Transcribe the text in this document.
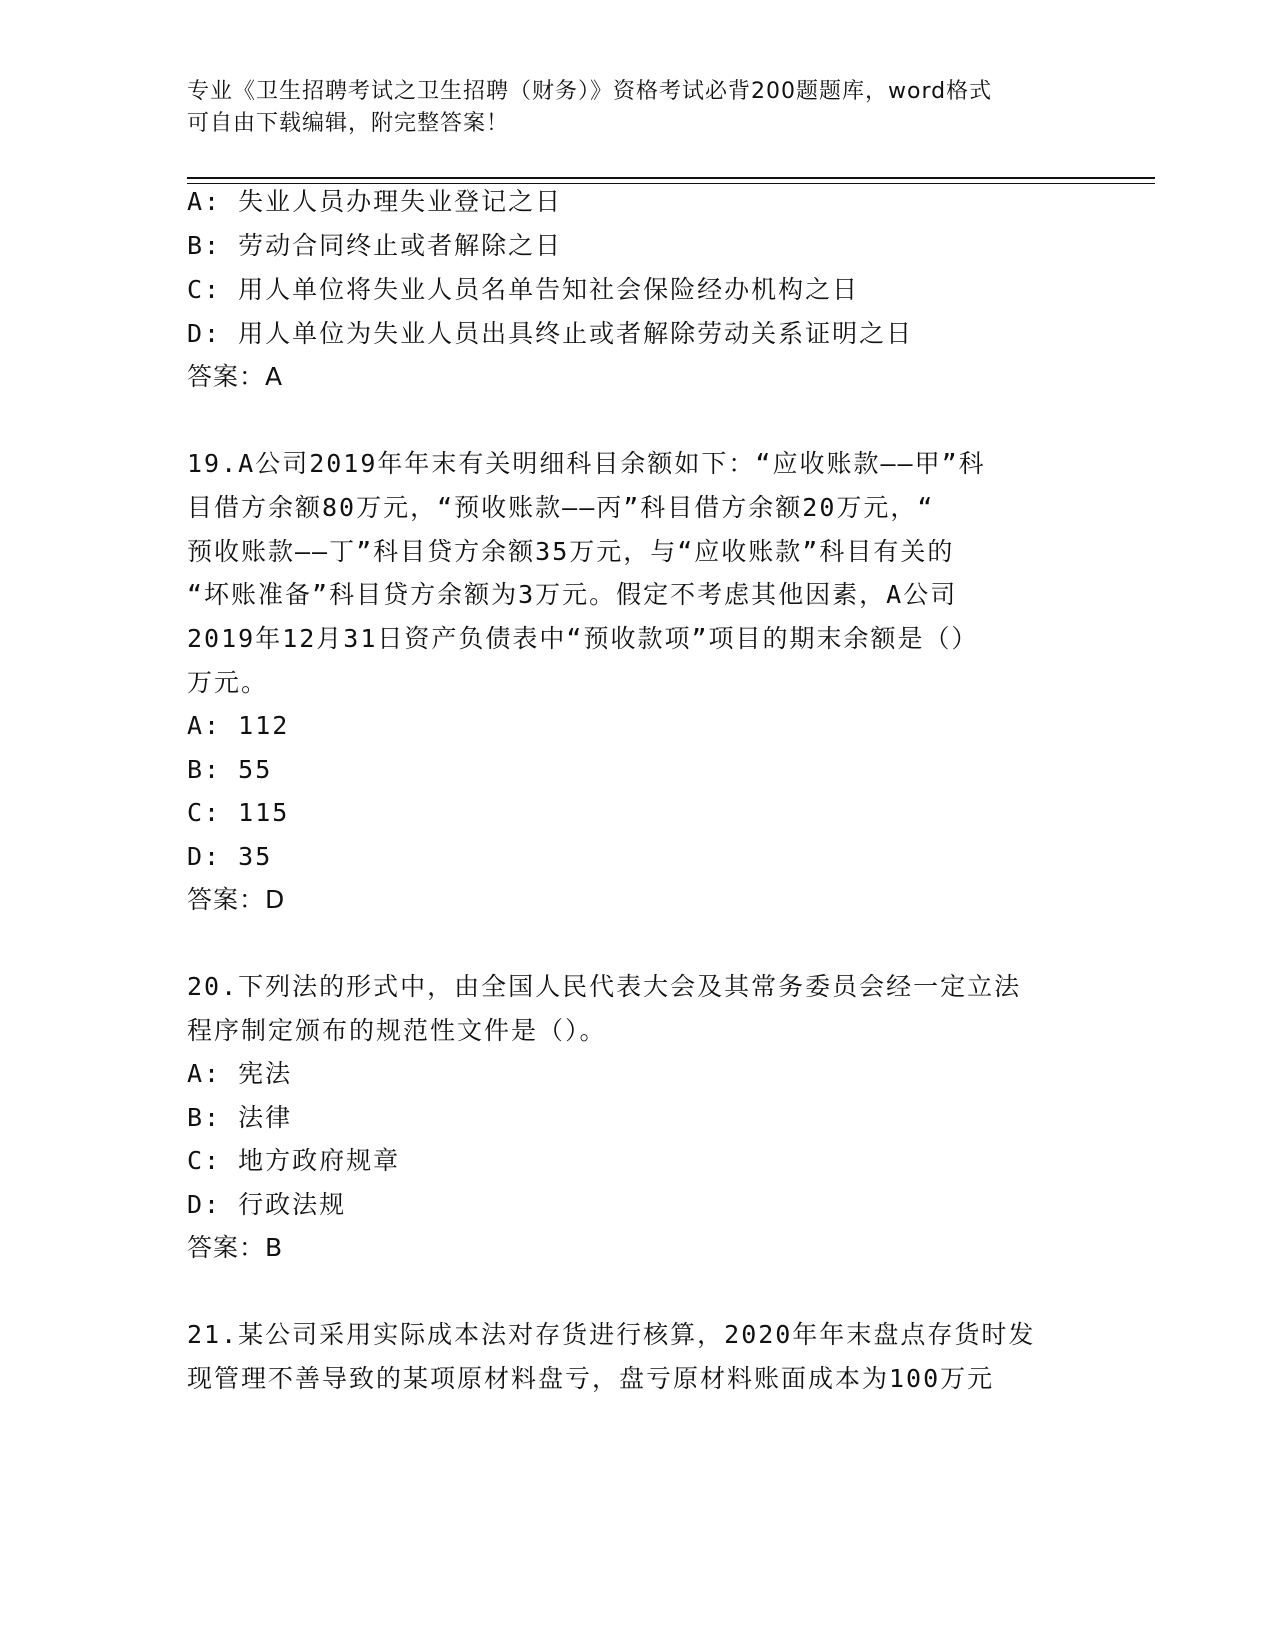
专业《卫生招聘考试之卫生招聘（财务）》资格考试必背200题题库，word格式
可自由下载编辑，附完整答案！
A: 失业人员办理失业登记之日
B: 劳动合同终止或者解除之日
C: 用人单位将失业人员名单告知社会保险经办机构之日
D: 用人单位为失业人员出具终止或者解除劳动关系证明之日
答案：A
19.A公司2019年年末有关明细科目余额如下：“应收账款——甲”科
目借方余额80万元，“预收账款——丙”科目借方余额20万元，“
预收账款——丁”科目贷方余额35万元，与“应收账款”科目有关的
“坏账准备”科目贷方余额为3万元。假定不考虑其他因素，A公司
2019年12月31日资产负债表中“预收款项”项目的期末余额是（）
万元。
A: 112
B: 55
C: 115
D: 35
答案：D
20.下列法的形式中，由全国人民代表大会及其常务委员会经一定立法
程序制定颁布的规范性文件是（）。
A: 宪法
B: 法律
C: 地方政府规章
D: 行政法规
答案：B
21.某公司采用实际成本法对存货进行核算，2020年年末盘点存货时发
现管理不善导致的某项原材料盘亏，盘亏原材料账面成本为100万元
